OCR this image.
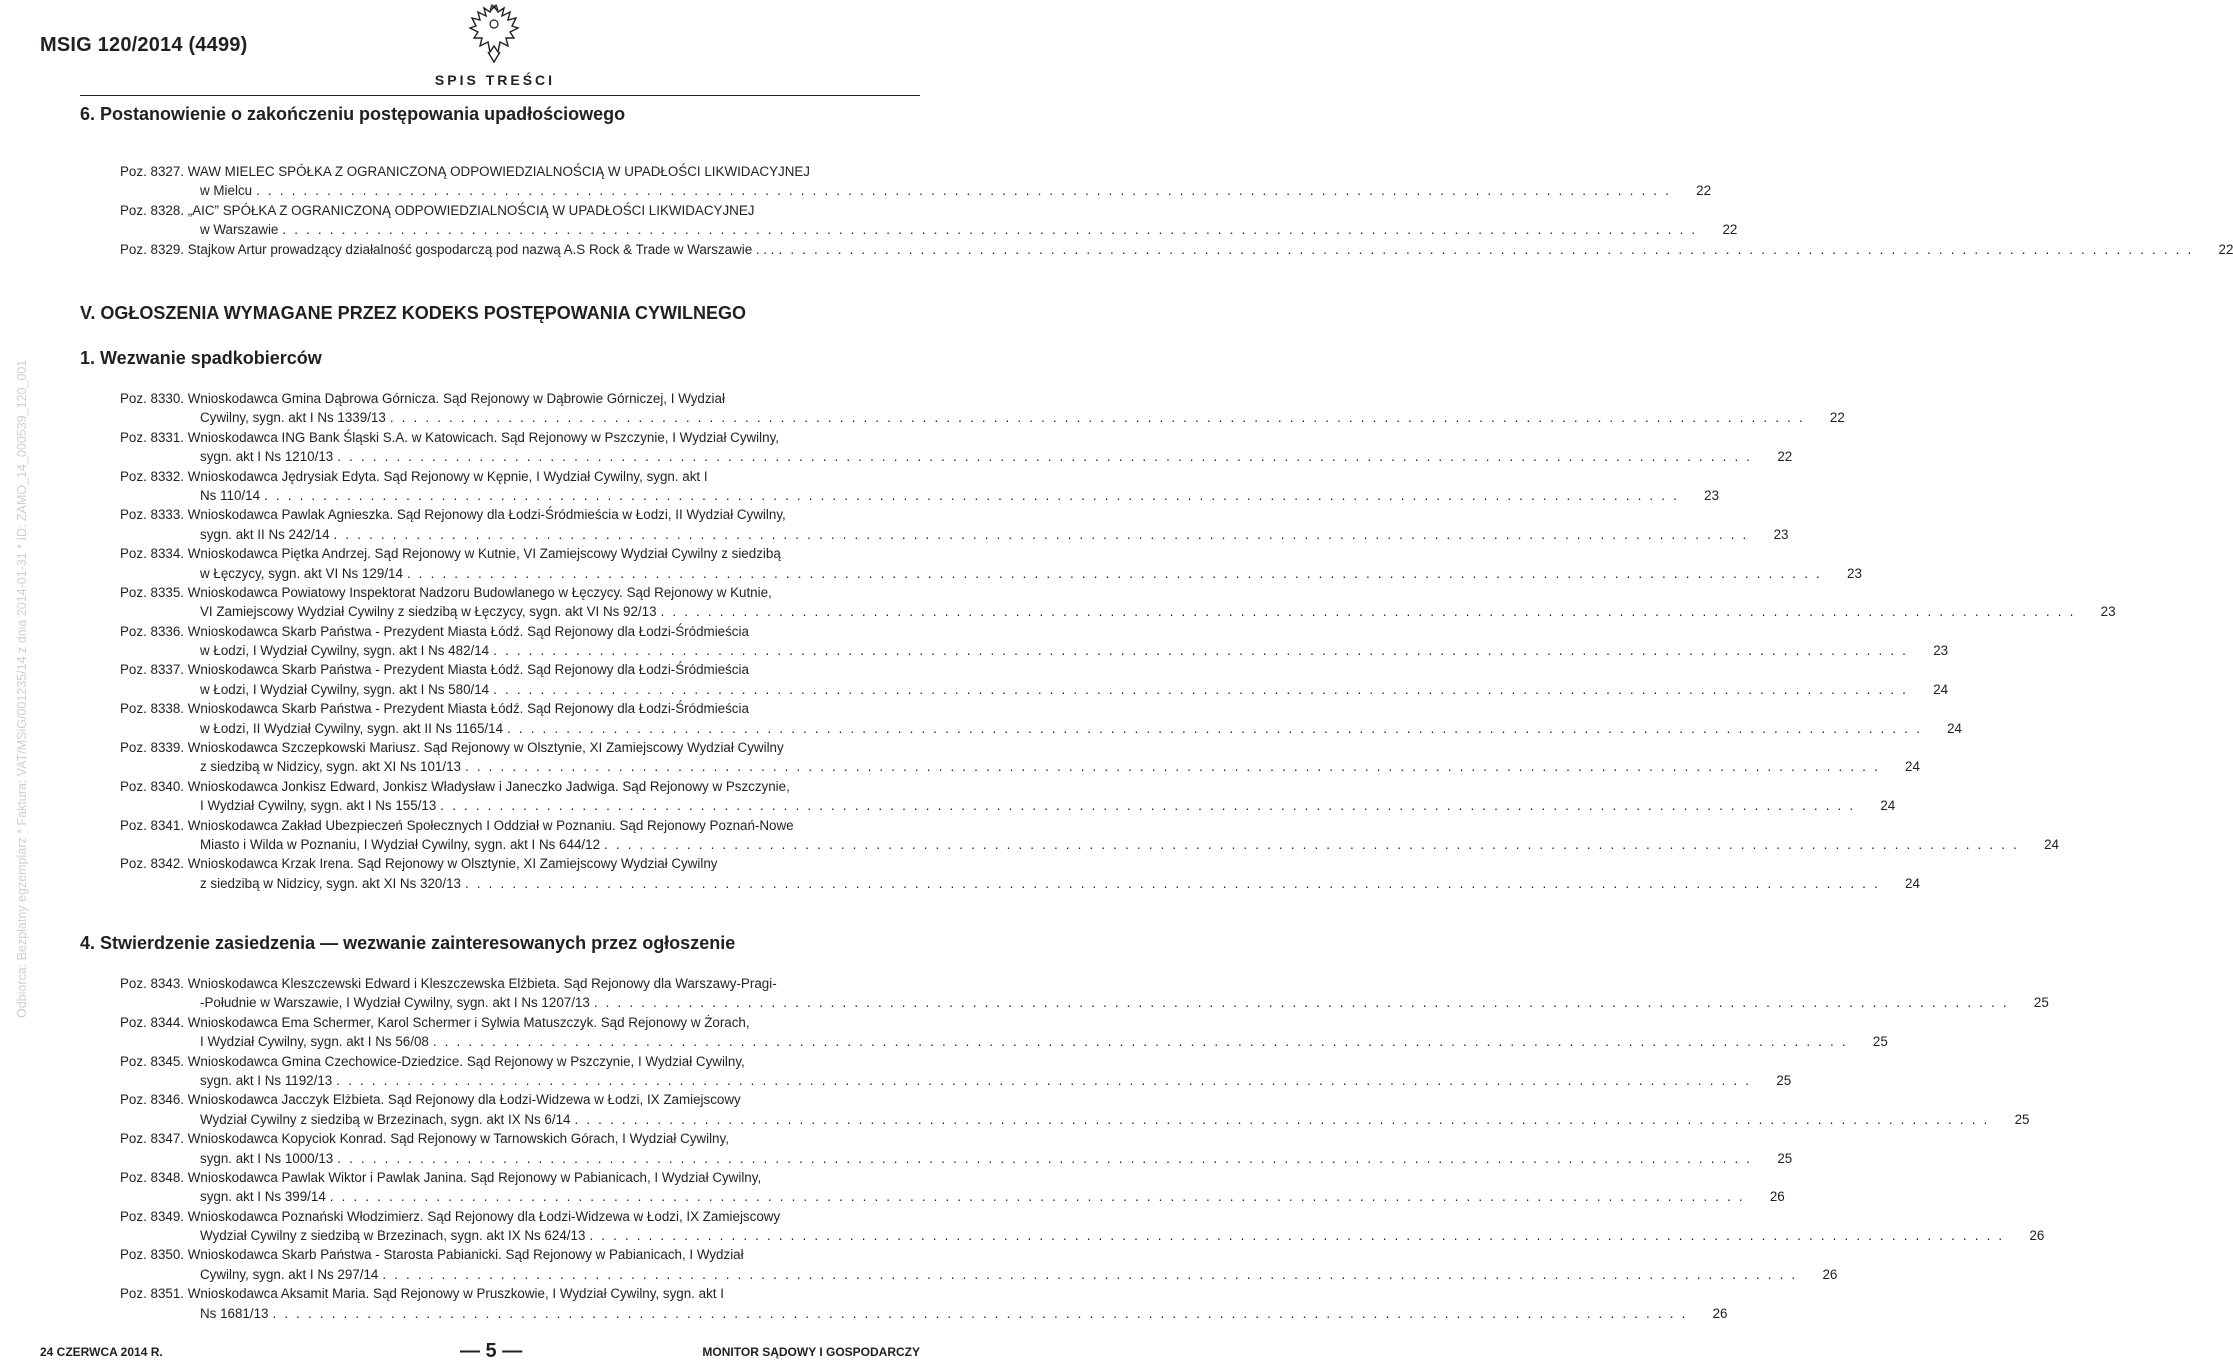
MSIG 120/2014 (4499)
SPIS TREŚCI
Odbiorca: Bezpłatny egzemplarz * Faktura: VAT/MSiG/001235/14 z dnia 2014-01-31 * ID: ZAMO_14_000539_120_001
6. Postanowienie o zakończeniu postępowania upadłościowego
Poz. 8327. WAW MIELEC SPÓŁKA Z OGRANICZONĄ ODPOWIEDZIALNOŚCIĄ W UPADŁOŚCI LIKWIDACYJNEJ
w Mielcu . . . . . . . . . . . . . . . . . . . . . . . . . . . . . . . . . . . . . . . . . . . . . . . . . . . . . . . . . . . . . . . . . . . . . . . . . . . . . . . . . . . . . . . . . . . . . . . . . . . . . . . . . . . . . . . . . . . . . . . .	22
Poz. 8328. „AIC” SPÓŁKA Z OGRANICZONĄ ODPOWIEDZIALNOŚCIĄ W UPADŁOŚCI LIKWIDACYJNEJ
w Warszawie . . . . . . . . . . . . . . . . . . . . . . . . . . . . . . . . . . . . . . . . . . . . . . . . . . . . . . . . . . . . . . . . . . . . . . . . . . . . . . . . . . . . . . . . . . . . . . . . . . . . . . . . . . . . . . . . . . . . . . . .	22
Poz. 8329. Stajkow Artur prowadzący działalność gospodarczą pod nazwą A.S Rock & Trade w Warszawie . . . . . . . . . . . . . . . . . . . . . . . . . . . . . . . . . . . . . . . . . . . . . . . . . . . . . . . . . . . . . . . . . . . . . . . . . . . . . . . . . . . . . . . . . . . . . . . . . . . . . . . . . . . . . . . . . . . . . . . . . . .	22
V. OGŁOSZENIA WYMAGANE PRZEZ KODEKS POSTĘPOWANIA CYWILNEGO
1. Wezwanie spadkobierców
Poz. 8330. Wnioskodawca Gmina Dąbrowa Górnicza. Sąd Rejonowy w Dąbrowie Górniczej, I Wydział
Cywilny, sygn. akt I Ns 1339/13 . . . . . . . . . . . . . . . . . . . . . . . . . . . . . . . . . . . . . . . . . . . . . . . . . . . . . . . . . . . . . . . . . . . . . . . . . . . . . . . . . . . . . . . . . . . . . . . . . . . . . . . . . . . . . . . . . . . . . . . .	22
Poz. 8331. Wnioskodawca ING Bank Śląski S.A. w Katowicach. Sąd Rejonowy w Pszczynie, I Wydział Cywilny,
sygn. akt I Ns 1210/13 . . . . . . . . . . . . . . . . . . . . . . . . . . . . . . . . . . . . . . . . . . . . . . . . . . . . . . . . . . . . . . . . . . . . . . . . . . . . . . . . . . . . . . . . . . . . . . . . . . . . . . . . . . . . . . . . . . . . . . . .	22
Poz. 8332. Wnioskodawca Jędrysiak Edyta. Sąd Rejonowy w Kępnie, I Wydział Cywilny, sygn. akt I
Ns 110/14 . . . . . . . . . . . . . . . . . . . . . . . . . . . . . . . . . . . . . . . . . . . . . . . . . . . . . . . . . . . . . . . . . . . . . . . . . . . . . . . . . . . . . . . . . . . . . . . . . . . . . . . . . . . . . . . . . . . . . . . .	23
Poz. 8333. Wnioskodawca Pawlak Agnieszka. Sąd Rejonowy dla Łodzi-Śródmieścia w Łodzi, II Wydział Cywilny,
sygn. akt II Ns 242/14 . . . . . . . . . . . . . . . . . . . . . . . . . . . . . . . . . . . . . . . . . . . . . . . . . . . . . . . . . . . . . . . . . . . . . . . . . . . . . . . . . . . . . . . . . . . . . . . . . . . . . . . . . . . . . . . . . . . . . . . .	23
Poz. 8334. Wnioskodawca Piętka Andrzej. Sąd Rejonowy w Kutnie, VI Zamiejscowy Wydział Cywilny z siedzibą
w Łęczycy, sygn. akt VI Ns 129/14 . . . . . . . . . . . . . . . . . . . . . . . . . . . . . . . . . . . . . . . . . . . . . . . . . . . . . . . . . . . . . . . . . . . . . . . . . . . . . . . . . . . . . . . . . . . . . . . . . . . . . . . . . . . . . . . . . . . . . . . .	23
Poz. 8335. Wnioskodawca Powiatowy Inspektorat Nadzoru Budowlanego w Łęczycy. Sąd Rejonowy w Kutnie,
VI Zamiejscowy Wydział Cywilny z siedzibą w Łęczycy, sygn. akt VI Ns 92/13 . . . . . . . . . . . . . . . . . . . . . . . . . . . . . . . . . . . . . . . . . . . . . . . . . . . . . . . . . . . . . . . . . . . . . . . . . . . . . . . . . . . . . . . . . . . . . . . . . . . . . . . . . . . . . . . . . . . . . . . .	23
Poz. 8336. Wnioskodawca Skarb Państwa - Prezydent Miasta Łódź. Sąd Rejonowy dla Łodzi-Śródmieścia
w Łodzi, I Wydział Cywilny, sygn. akt I Ns 482/14 . . . . . . . . . . . . . . . . . . . . . . . . . . . . . . . . . . . . . . . . . . . . . . . . . . . . . . . . . . . . . . . . . . . . . . . . . . . . . . . . . . . . . . . . . . . . . . . . . . . . . . . . . . . . . . . . . . . . . . . .	23
Poz. 8337. Wnioskodawca Skarb Państwa - Prezydent Miasta Łódź. Sąd Rejonowy dla Łodzi-Śródmieścia
w Łodzi, I Wydział Cywilny, sygn. akt I Ns 580/14 . . . . . . . . . . . . . . . . . . . . . . . . . . . . . . . . . . . . . . . . . . . . . . . . . . . . . . . . . . . . . . . . . . . . . . . . . . . . . . . . . . . . . . . . . . . . . . . . . . . . . . . . . . . . . . . . . . . . . . . .	24
Poz. 8338. Wnioskodawca Skarb Państwa - Prezydent Miasta Łódź. Sąd Rejonowy dla Łodzi-Śródmieścia
w Łodzi, II Wydział Cywilny, sygn. akt II Ns 1165/14 . . . . . . . . . . . . . . . . . . . . . . . . . . . . . . . . . . . . . . . . . . . . . . . . . . . . . . . . . . . . . . . . . . . . . . . . . . . . . . . . . . . . . . . . . . . . . . . . . . . . . . . . . . . . . . . . . . . . . . . .	24
Poz. 8339. Wnioskodawca Szczepkowski Mariusz. Sąd Rejonowy w Olsztynie, XI Zamiejscowy Wydział Cywilny
z siedzibą w Nidzicy, sygn. akt XI Ns 101/13 . . . . . . . . . . . . . . . . . . . . . . . . . . . . . . . . . . . . . . . . . . . . . . . . . . . . . . . . . . . . . . . . . . . . . . . . . . . . . . . . . . . . . . . . . . . . . . . . . . . . . . . . . . . . . . . . . . . . . . . .	24
Poz. 8340. Wnioskodawca Jonkisz Edward, Jonkisz Władysław i Janeczko Jadwiga. Sąd Rejonowy w Pszczynie,
I Wydział Cywilny, sygn. akt I Ns 155/13 . . . . . . . . . . . . . . . . . . . . . . . . . . . . . . . . . . . . . . . . . . . . . . . . . . . . . . . . . . . . . . . . . . . . . . . . . . . . . . . . . . . . . . . . . . . . . . . . . . . . . . . . . . . . . . . . . . . . . . . .	24
Poz. 8341. Wnioskodawca Zakład Ubezpieczeń Społecznych I Oddział w Poznaniu. Sąd Rejonowy Poznań-Nowe
Miasto i Wilda w Poznaniu, I Wydział Cywilny, sygn. akt I Ns 644/12 . . . . . . . . . . . . . . . . . . . . . . . . . . . . . . . . . . . . . . . . . . . . . . . . . . . . . . . . . . . . . . . . . . . . . . . . . . . . . . . . . . . . . . . . . . . . . . . . . . . . . . . . . . . . . . . . . . . . . . . .	24
Poz. 8342. Wnioskodawca Krzak Irena. Sąd Rejonowy w Olsztynie, XI Zamiejscowy Wydział Cywilny
z siedzibą w Nidzicy, sygn. akt XI Ns 320/13 . . . . . . . . . . . . . . . . . . . . . . . . . . . . . . . . . . . . . . . . . . . . . . . . . . . . . . . . . . . . . . . . . . . . . . . . . . . . . . . . . . . . . . . . . . . . . . . . . . . . . . . . . . . . . . . . . . . . . . . .	24
4. Stwierdzenie zasiedzenia — wezwanie zainteresowanych przez ogłoszenie
Poz. 8343. Wnioskodawca Kleszczewski Edward i Kleszczewska Elżbieta. Sąd Rejonowy dla Warszawy-Pragi-
-Południe w Warszawie, I Wydział Cywilny, sygn. akt I Ns 1207/13 . . . . . . . . . . . . . . . . . . . . . . . . . . . . . . . . . . . . . . . . . . . . . . . . . . . . . . . . . . . . . . . . . . . . . . . . . . . . . . . . . . . . . . . . . . . . . . . . . . . . . . . . . . . . . . . . . . . . . . . .	25
Poz. 8344. Wnioskodawca Ema Schermer, Karol Schermer i Sylwia Matuszczyk. Sąd Rejonowy w Żorach,
I Wydział Cywilny, sygn. akt I Ns 56/08 . . . . . . . . . . . . . . . . . . . . . . . . . . . . . . . . . . . . . . . . . . . . . . . . . . . . . . . . . . . . . . . . . . . . . . . . . . . . . . . . . . . . . . . . . . . . . . . . . . . . . . . . . . . . . . . . . . . . . . . .	25
Poz. 8345. Wnioskodawca Gmina Czechowice-Dziedzice. Sąd Rejonowy w Pszczynie, I Wydział Cywilny,
sygn. akt I Ns 1192/13 . . . . . . . . . . . . . . . . . . . . . . . . . . . . . . . . . . . . . . . . . . . . . . . . . . . . . . . . . . . . . . . . . . . . . . . . . . . . . . . . . . . . . . . . . . . . . . . . . . . . . . . . . . . . . . . . . . . . . . . .	25
Poz. 8346. Wnioskodawca Jacczyk Elżbieta. Sąd Rejonowy dla Łodzi-Widzewa w Łodzi, IX Zamiejscowy
Wydział Cywilny z siedzibą w Brzezinach, sygn. akt IX Ns 6/14 . . . . . . . . . . . . . . . . . . . . . . . . . . . . . . . . . . . . . . . . . . . . . . . . . . . . . . . . . . . . . . . . . . . . . . . . . . . . . . . . . . . . . . . . . . . . . . . . . . . . . . . . . . . . . . . . . . . . . . . .	25
Poz. 8347. Wnioskodawca Kopyciok Konrad. Sąd Rejonowy w Tarnowskich Górach, I Wydział Cywilny,
sygn. akt I Ns 1000/13 . . . . . . . . . . . . . . . . . . . . . . . . . . . . . . . . . . . . . . . . . . . . . . . . . . . . . . . . . . . . . . . . . . . . . . . . . . . . . . . . . . . . . . . . . . . . . . . . . . . . . . . . . . . . . . . . . . . . . . . .	25
Poz. 8348. Wnioskodawca Pawlak Wiktor i Pawlak Janina. Sąd Rejonowy w Pabianicach, I Wydział Cywilny,
sygn. akt I Ns 399/14 . . . . . . . . . . . . . . . . . . . . . . . . . . . . . . . . . . . . . . . . . . . . . . . . . . . . . . . . . . . . . . . . . . . . . . . . . . . . . . . . . . . . . . . . . . . . . . . . . . . . . . . . . . . . . . . . . . . . . . . .	26
Poz. 8349. Wnioskodawca Poznański Włodzimierz. Sąd Rejonowy dla Łodzi-Widzewa w Łodzi, IX Zamiejscowy
Wydział Cywilny z siedzibą w Brzezinach, sygn. akt IX Ns 624/13 . . . . . . . . . . . . . . . . . . . . . . . . . . . . . . . . . . . . . . . . . . . . . . . . . . . . . . . . . . . . . . . . . . . . . . . . . . . . . . . . . . . . . . . . . . . . . . . . . . . . . . . . . . . . . . . . . . . . . . . .	26
Poz. 8350. Wnioskodawca Skarb Państwa - Starosta Pabianicki. Sąd Rejonowy w Pabianicach, I Wydział
Cywilny, sygn. akt I Ns 297/14 . . . . . . . . . . . . . . . . . . . . . . . . . . . . . . . . . . . . . . . . . . . . . . . . . . . . . . . . . . . . . . . . . . . . . . . . . . . . . . . . . . . . . . . . . . . . . . . . . . . . . . . . . . . . . . . . . . . . . . . .	26
Poz. 8351. Wnioskodawca Aksamit Maria. Sąd Rejonowy w Pruszkowie, I Wydział Cywilny, sygn. akt I
Ns 1681/13 . . . . . . . . . . . . . . . . . . . . . . . . . . . . . . . . . . . . . . . . . . . . . . . . . . . . . . . . . . . . . . . . . . . . . . . . . . . . . . . . . . . . . . . . . . . . . . . . . . . . . . . . . . . . . . . . . . . . . . . .	26
24 CZERWCA 2014 R.	— 5 —	MONITOR SĄDOWY I GOSPODARCZY
